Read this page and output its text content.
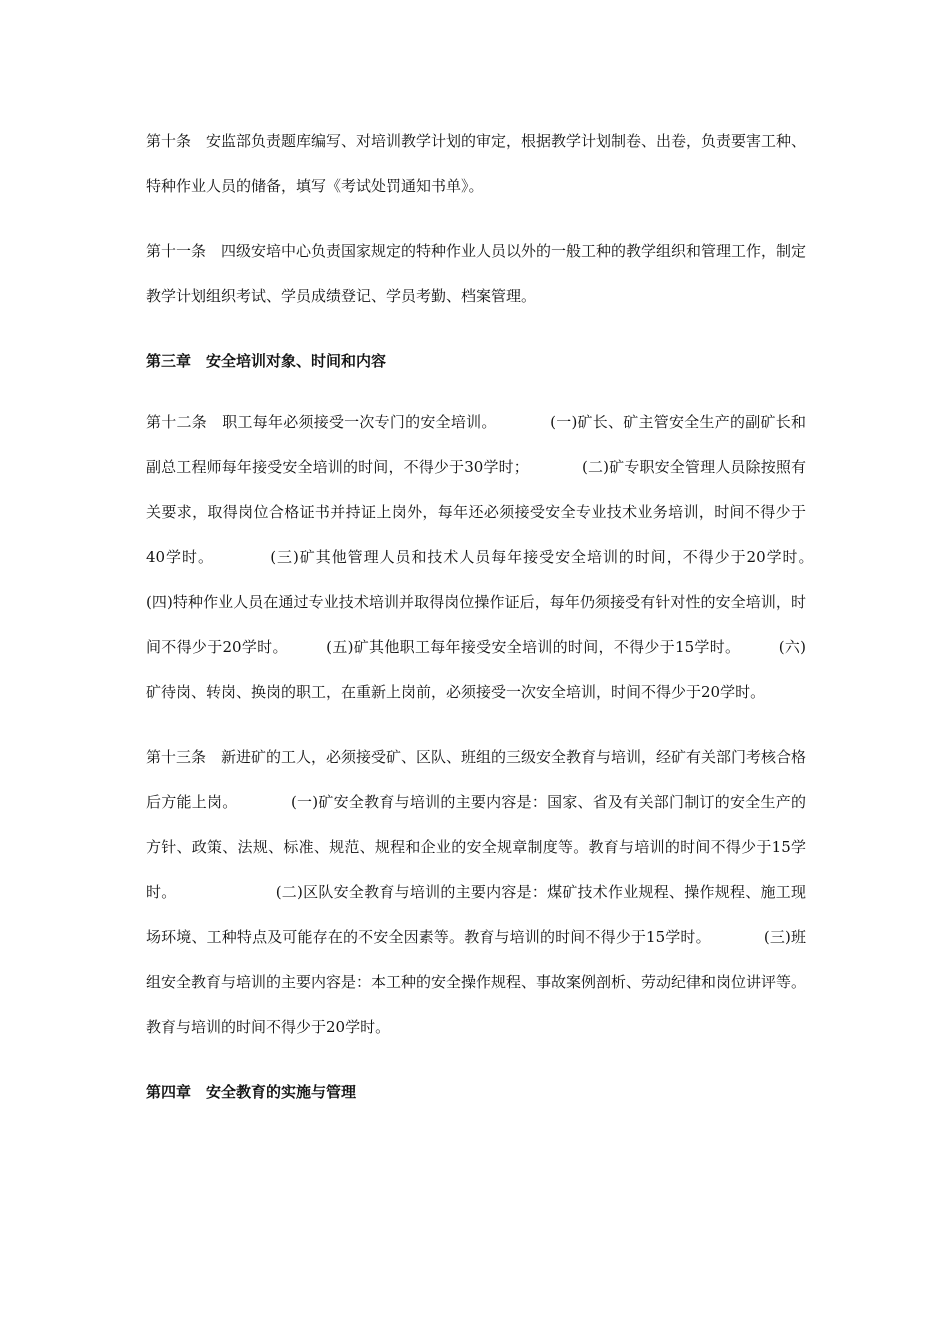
第十条　安监部负责题库编写、对培训教学计划的审定，根据教学计划制卷、出卷，负责要害工种、特种作业人员的储备，填写《考试处罚通知书单》。

第十一条　四级安培中心负责国家规定的特种作业人员以外的一般工种的教学组织和管理工作，制定教学计划组织考试、学员成绩登记、学员考勤、档案管理。

第三章　安全培训对象、时间和内容

第十二条　职工每年必须接受一次专门的安全培训。　　　　(一)矿长、矿主管安全生产的副矿长和副总工程师每年接受安全培训的时间，不得少于30学时；　　　　(二)矿专职安全管理人员除按照有关要求，取得岗位合格证书并持证上岗外，每年还必须接受安全专业技术业务培训，时间不得少于40学时。　　　　(三)矿其他管理人员和技术人员每年接受安全培训的时间，不得少于20学时。　　　　　　　(四)特种作业人员在通过专业技术培训并取得岗位操作证后，每年仍须接受有针对性的安全培训，时间不得少于20学时。　　　(五)矿其他职工每年接受安全培训的时间，不得少于15学时。　　　(六)矿待岗、转岗、换岗的职工，在重新上岗前，必须接受一次安全培训，时间不得少于20学时。

第十三条　新进矿的工人，必须接受矿、区队、班组的三级安全教育与培训，经矿有关部门考核合格后方能上岗。　　　　(一)矿安全教育与培训的主要内容是：国家、省及有关部门制订的安全生产的方针、政策、法规、标准、规范、规程和企业的安全规章制度等。教育与培训的时间不得少于15学时。　　　　　　　(二)区队安全教育与培训的主要内容是：煤矿技术作业规程、操作规程、施工现场环境、工种特点及可能存在的不安全因素等。教育与培训的时间不得少于15学时。　　　　(三)班组安全教育与培训的主要内容是：本工种的安全操作规程、事故案例剖析、劳动纪律和岗位讲评等。教育与培训的时间不得少于20学时。

第四章　安全教育的实施与管理
